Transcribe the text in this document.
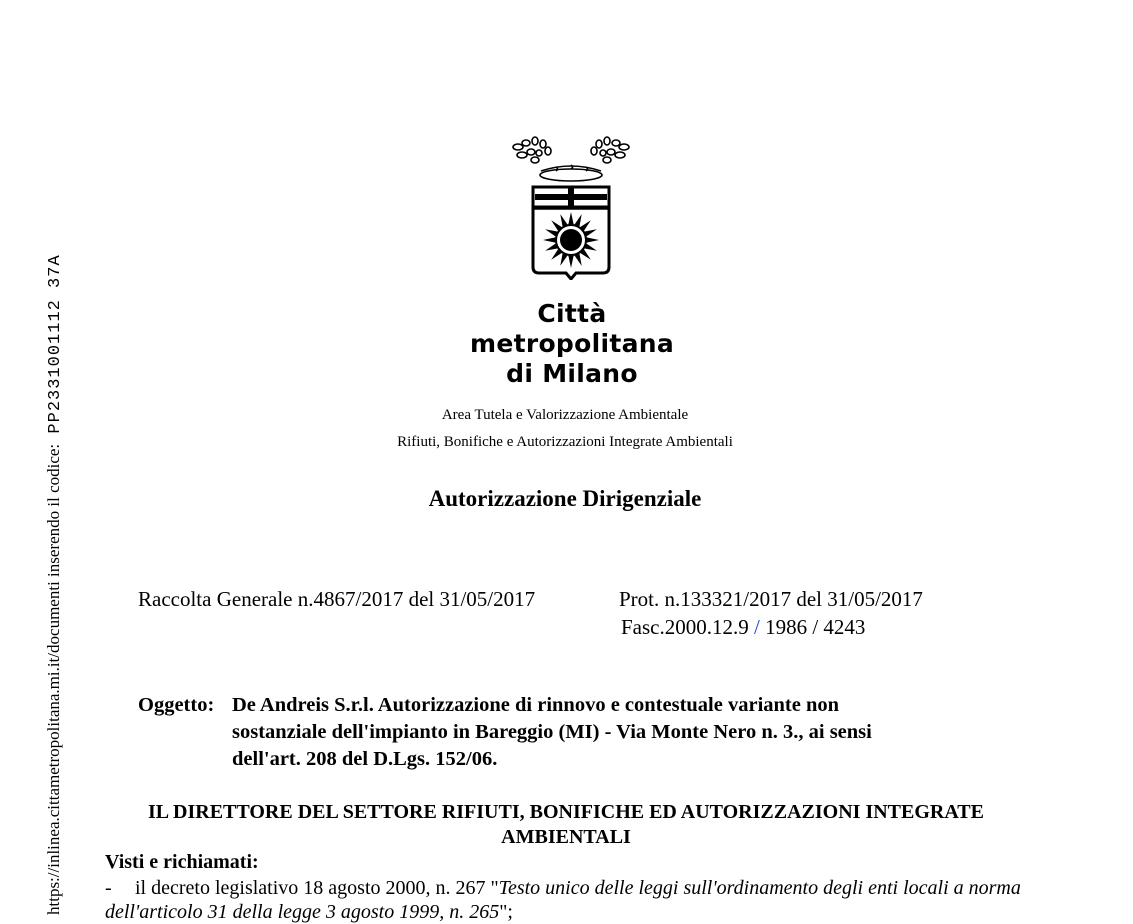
https://inlinea.cittametropolitana.mi.it/documenti inserendo il codice: PP2331001112 37A	Città
metropolitana
di Milano
Area Tutela e Valorizzazione Ambientale
Rifiuti, Bonifiche e Autorizzazioni Integrate Ambientali
Autorizzazione Dirigenziale
Raccolta Generale n.4867/2017 del 31/05/2017	Prot. n.133321/2017 del 31/05/2017
Fasc.2000.12.9 / 1986 / 4243
Oggetto: De Andreis S.r.l. Autorizzazione di rinnovo e contestuale variante non sostanziale dell'impianto in Bareggio (MI) - Via Monte Nero n. 3., ai sensi dell'art. 208 del D.Lgs. 152/06.
IL DIRETTORE DEL SETTORE RIFIUTI, BONIFICHE ED AUTORIZZAZIONI INTEGRATE AMBIENTALI
Visti e richiamati:
- il decreto legislativo 18 agosto 2000, n. 267 "Testo unico delle leggi sull'ordinamento degli enti locali a norma dell'articolo 31 della legge 3 agosto 1999, n. 265";
